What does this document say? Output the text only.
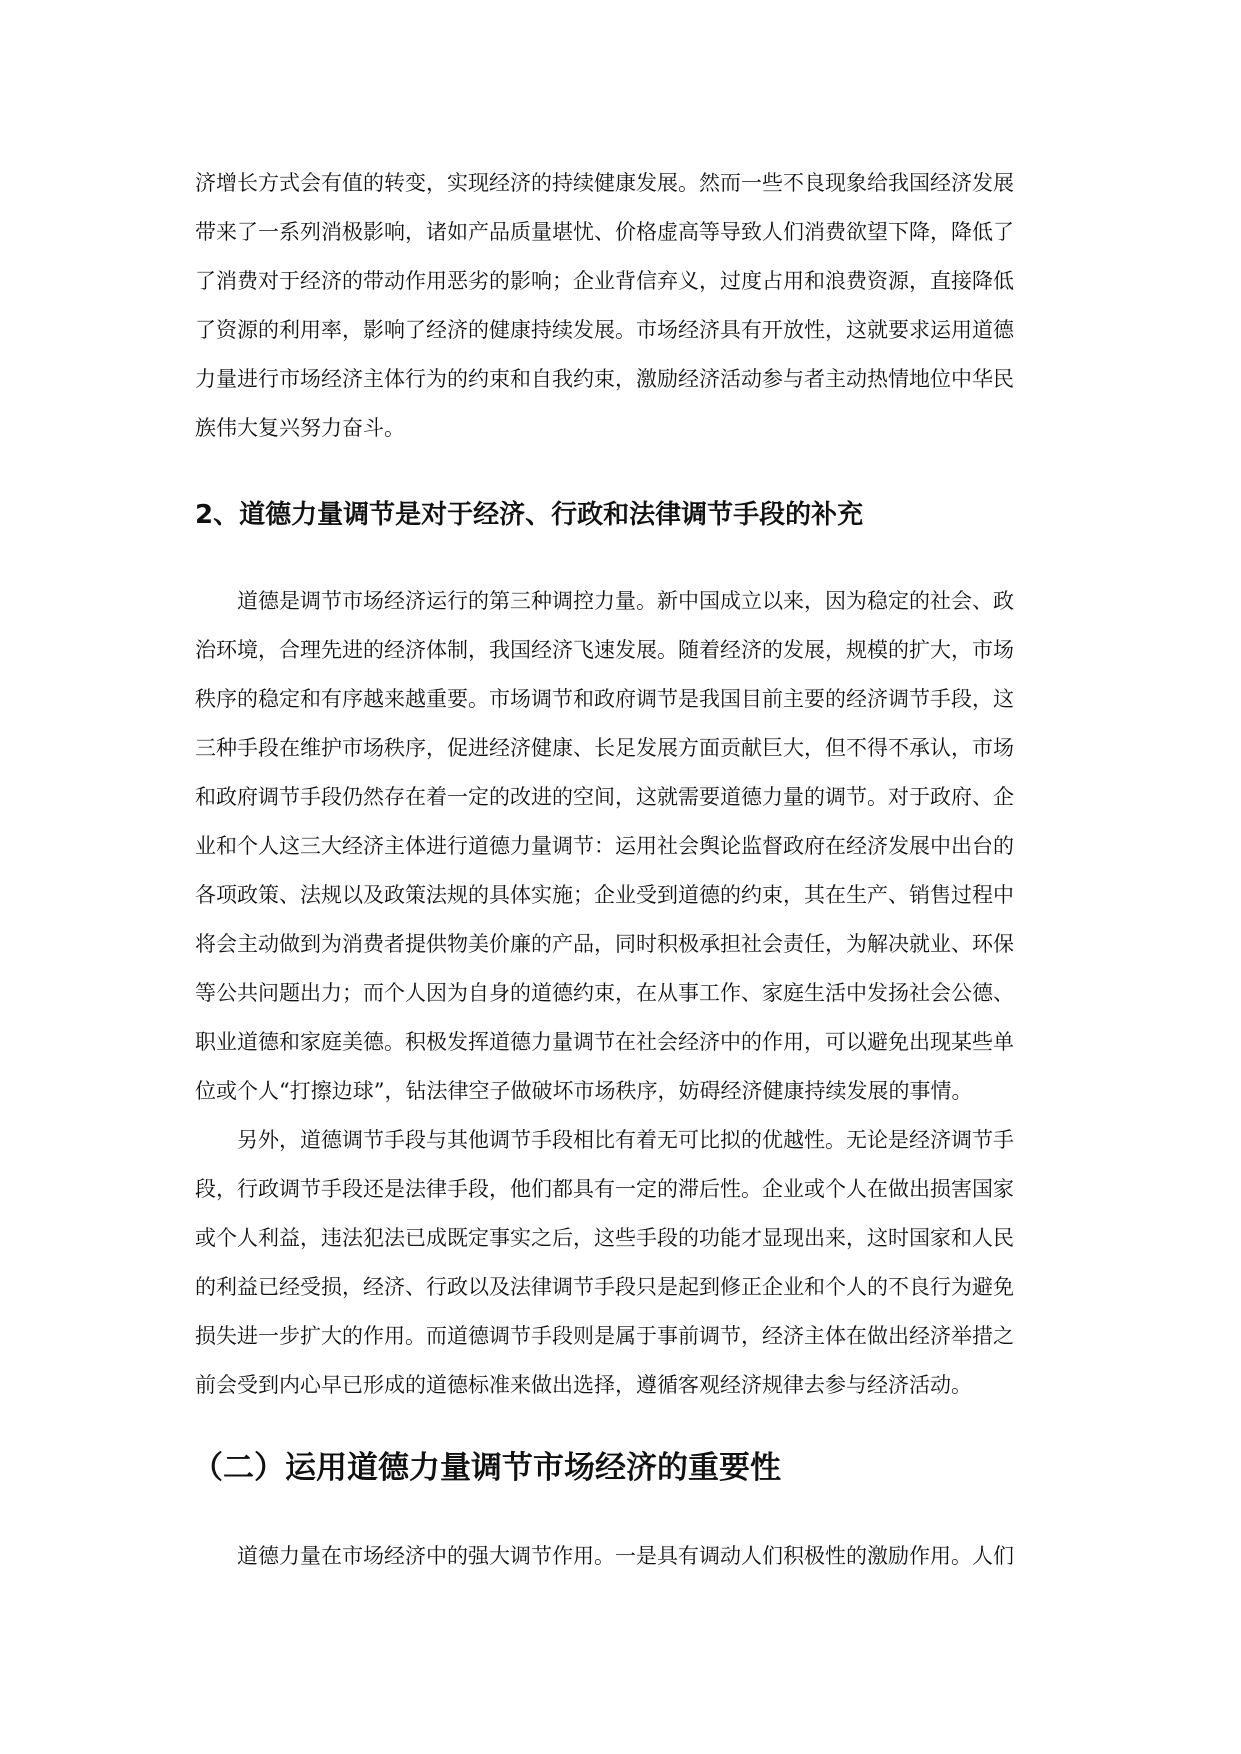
济增长方式会有值的转变，实现经济的持续健康发展。然而一些不良现象给我国经济发展
带来了一系列消极影响，诸如产品质量堪忧、价格虚高等导致人们消费欲望下降，降低了
了消费对于经济的带动作用恶劣的影响；企业背信弃义，过度占用和浪费资源，直接降低
了资源的利用率，影响了经济的健康持续发展。市场经济具有开放性，这就要求运用道德
力量进行市场经济主体行为的约束和自我约束，激励经济活动参与者主动热情地位中华民
族伟大复兴努力奋斗。
2、道德力量调节是对于经济、行政和法律调节手段的补充
道德是调节市场经济运行的第三种调控力量。新中国成立以来，因为稳定的社会、政
治环境，合理先进的经济体制，我国经济飞速发展。随着经济的发展，规模的扩大，市场
秩序的稳定和有序越来越重要。市场调节和政府调节是我国目前主要的经济调节手段，这
三种手段在维护市场秩序，促进经济健康、长足发展方面贡献巨大，但不得不承认，市场
和政府调节手段仍然存在着一定的改进的空间，这就需要道德力量的调节。对于政府、企
业和个人这三大经济主体进行道德力量调节：运用社会舆论监督政府在经济发展中出台的
各项政策、法规以及政策法规的具体实施；企业受到道德的约束，其在生产、销售过程中
将会主动做到为消费者提供物美价廉的产品，同时积极承担社会责任，为解决就业、环保
等公共问题出力；而个人因为自身的道德约束，在从事工作、家庭生活中发扬社会公德、
职业道德和家庭美德。积极发挥道德力量调节在社会经济中的作用，可以避免出现某些单
位或个人“打擦边球”，钻法律空子做破坏市场秩序，妨碍经济健康持续发展的事情。
另外，道德调节手段与其他调节手段相比有着无可比拟的优越性。无论是经济调节手
段，行政调节手段还是法律手段，他们都具有一定的滞后性。企业或个人在做出损害国家
或个人利益，违法犯法已成既定事实之后，这些手段的功能才显现出来，这时国家和人民
的利益已经受损，经济、行政以及法律调节手段只是起到修正企业和个人的不良行为避免
损失进一步扩大的作用。而道德调节手段则是属于事前调节，经济主体在做出经济举措之
前会受到内心早已形成的道德标准来做出选择，遵循客观经济规律去参与经济活动。
（二）运用道德力量调节市场经济的重要性
道德力量在市场经济中的强大调节作用。一是具有调动人们积极性的激励作用。人们
